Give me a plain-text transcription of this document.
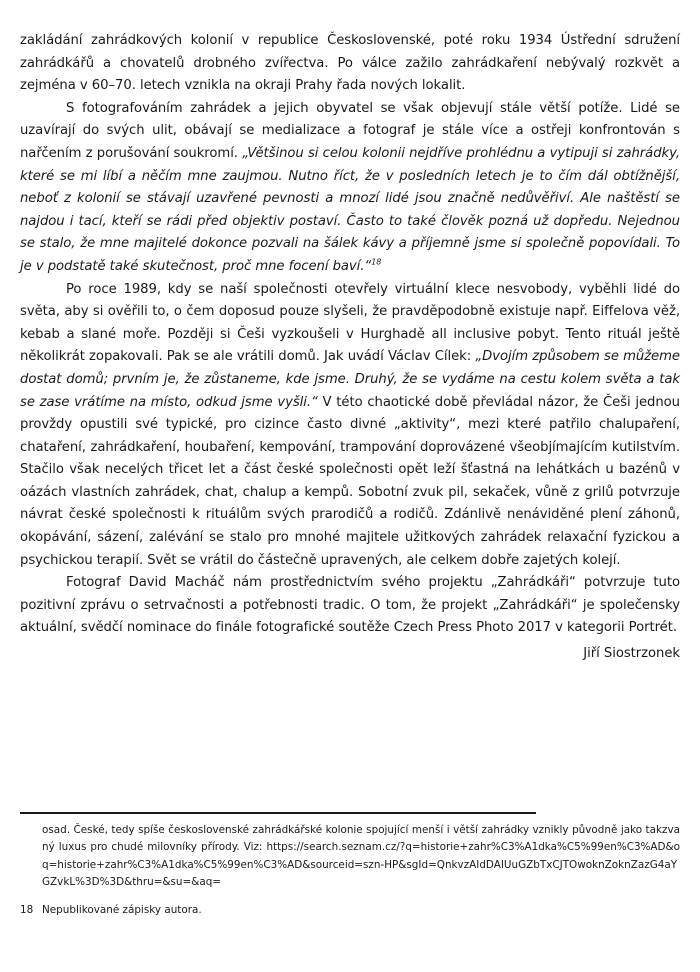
zakládání zahrádkových kolonií v republice Československé, poté roku 1934 Ústřední sdružení zahrádkářů a chovatelů drobného zvířectva. Po válce zažilo zahrádkaření nebývalý rozkvět a zejména v 60–70. letech vznikla na okraji Prahy řada nových lokalit.

S fotografováním zahrádek a jejich obyvatel se však objevují stále větší potíže. Lidé se uzavírají do svých ulit, obávají se medializace a fotograf je stále více a ostřeji konfrontován s nařčením z porušování soukromí. „Většinou si celou kolonii nejdříve prohlédnu a vytipuji si zahrádky, které se mi líbí a něčím mne zaujmou. Nutno říct, že v posledních letech je to čím dál obtížnější, neboť z kolonií se stávají uzavřené pevnosti a mnozí lidé jsou značně nedůvěřiví. Ale naštěstí se najdou i tací, kteří se rádi před objektiv postaví. Často to také člověk pozná už dopředu. Nejednou se stalo, že mne majitelé dokonce pozvali na šálek kávy a příjemně jsme si společně popovídali. To je v podstatě také skutečnost, proč mne focení baví.“$^{18}$

Po roce 1989, kdy se naší společnosti otevřely virtuální klece nesvobody, vyběhli lidé do světa, aby si ověřili to, o čem doposud pouze slyšeli, že pravděpodobně existuje např. Eiffelova věž, kebab a slané moře. Později si Češi vyzkoušeli v Hurghadě all inclusive pobyt. Tento rituál ještě několikrát zopakovali. Pak se ale vrátili domů. Jak uvádí Václav Cílek: „Dvojím způsobem se můžeme dostat domů; prvním je, že zůstaneme, kde jsme. Druhý, že se vydáme na cestu kolem světa a tak se zase vrátíme na místo, odkud jsme vyšli.“ V této chaotické době převládal názor, že Češi jednou provždy opustili své typické, pro cizince často divné „aktivity“, mezi které patřilo chalupaření, chataření, zahrádkaření, houbaření, kempování, trampování doprovázené všeobjímajícím kutilstvím. Stačilo však necelých třicet let a část české společnosti opět leží šťastná na lehátkách u bazénů v oázách vlastních zahrádek, chat, chalup a kempů. Sobotní zvuk pil, sekaček, vůně z grilů potvrzuje návrat české společnosti k rituálům svých prarodičů a rodičů. Zdánlivě nenáviděné plení záhonů, okopávání, sázení, zalévání se stalo pro mnohé majitele užitkových zahrádek relaxační fyzickou a psychickou terapií. Svět se vrátil do částečně upravených, ale celkem dobře zajetých kolejí.

Fotograf David Macháč nám prostřednictvím svého projektu „Zahrádkáři“ potvrzuje tuto pozitivní zprávu o setrvačnosti a potřebnosti tradic. O tom, že projekt „Zahrádkáři“ je společensky aktuální, svědčí nominace do finále fotografické soutěže Czech Press Photo 2017 v kategorii Portrét.

Jiří Siostrzonek

osad. České, tedy spíše československé zahrádkářské kolonie spojující menší i větší zahrádky vznikly původně jako takzvaný luxus pro chudé milovníky přírody. Viz: https://search.seznam.cz/?q=historie+zahr%C3%A1dka%C5%99en%C3%AD&oq=historie+zahr%C3%A1dka%C5%99en%C3%AD&sourceid=szn-HP&sgId=QnkvzAIdDAIUuGZbTxCJTOwoknZoknZazG4aYGZvkL%3D%3D&thru=&su=&aq=

18 Nepublikované zápisky autora.
